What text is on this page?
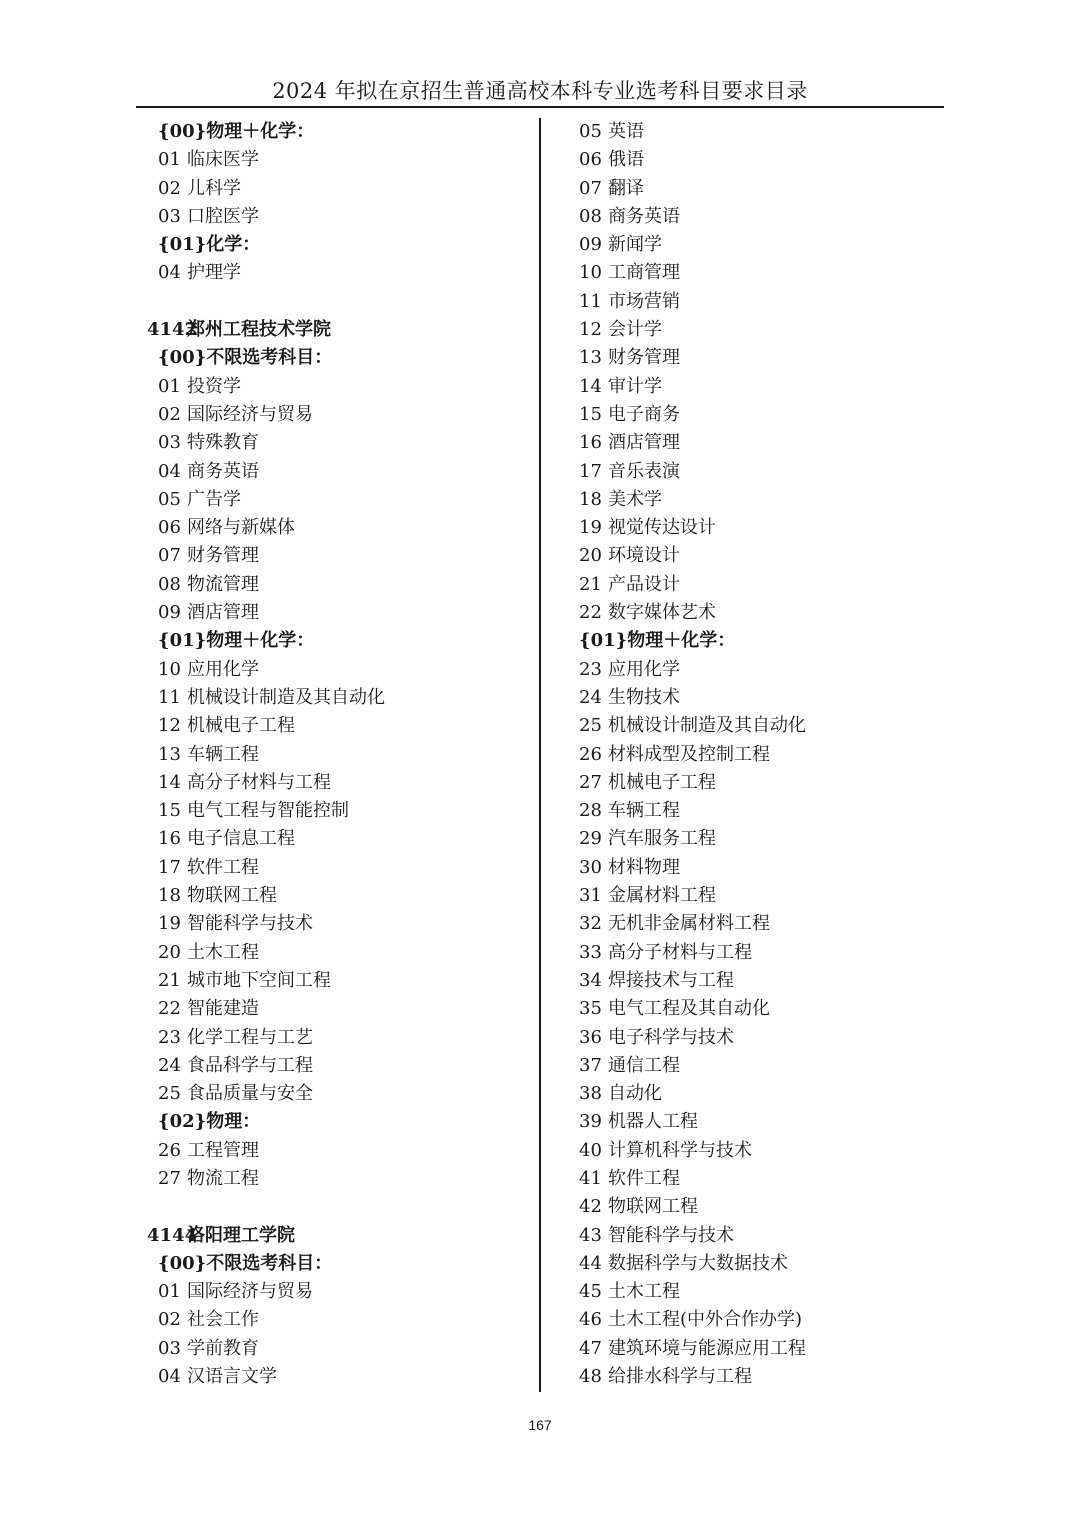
2024 年拟在京招生普通高校本科专业选考科目要求目录
{00}物理＋化学：
01 临床医学
02 儿科学
03 口腔医学
{01}化学：
04 护理学
4142
郑州工程技术学院
{00}不限选考科目：
01 投资学
02 国际经济与贸易
03 特殊教育
04 商务英语
05 广告学
06 网络与新媒体
07 财务管理
08 物流管理
09 酒店管理
{01}物理＋化学：
10 应用化学
11 机械设计制造及其自动化
12 机械电子工程
13 车辆工程
14 高分子材料与工程
15 电气工程与智能控制
16 电子信息工程
17 软件工程
18 物联网工程
19 智能科学与技术
20 土木工程
21 城市地下空间工程
22 智能建造
23 化学工程与工艺
24 食品科学与工程
25 食品质量与安全
{02}物理：
26 工程管理
27 物流工程
4144
洛阳理工学院
{00}不限选考科目：
01 国际经济与贸易
02 社会工作
03 学前教育
04 汉语言文学
05 英语
06 俄语
07 翻译
08 商务英语
09 新闻学
10 工商管理
11 市场营销
12 会计学
13 财务管理
14 审计学
15 电子商务
16 酒店管理
17 音乐表演
18 美术学
19 视觉传达设计
20 环境设计
21 产品设计
22 数字媒体艺术
{01}物理＋化学：
23 应用化学
24 生物技术
25 机械设计制造及其自动化
26 材料成型及控制工程
27 机械电子工程
28 车辆工程
29 汽车服务工程
30 材料物理
31 金属材料工程
32 无机非金属材料工程
33 高分子材料与工程
34 焊接技术与工程
35 电气工程及其自动化
36 电子科学与技术
37 通信工程
38 自动化
39 机器人工程
40 计算机科学与技术
41 软件工程
42 物联网工程
43 智能科学与技术
44 数据科学与大数据技术
45 土木工程
46 土木工程(中外合作办学)
47 建筑环境与能源应用工程
48 给排水科学与工程
167
